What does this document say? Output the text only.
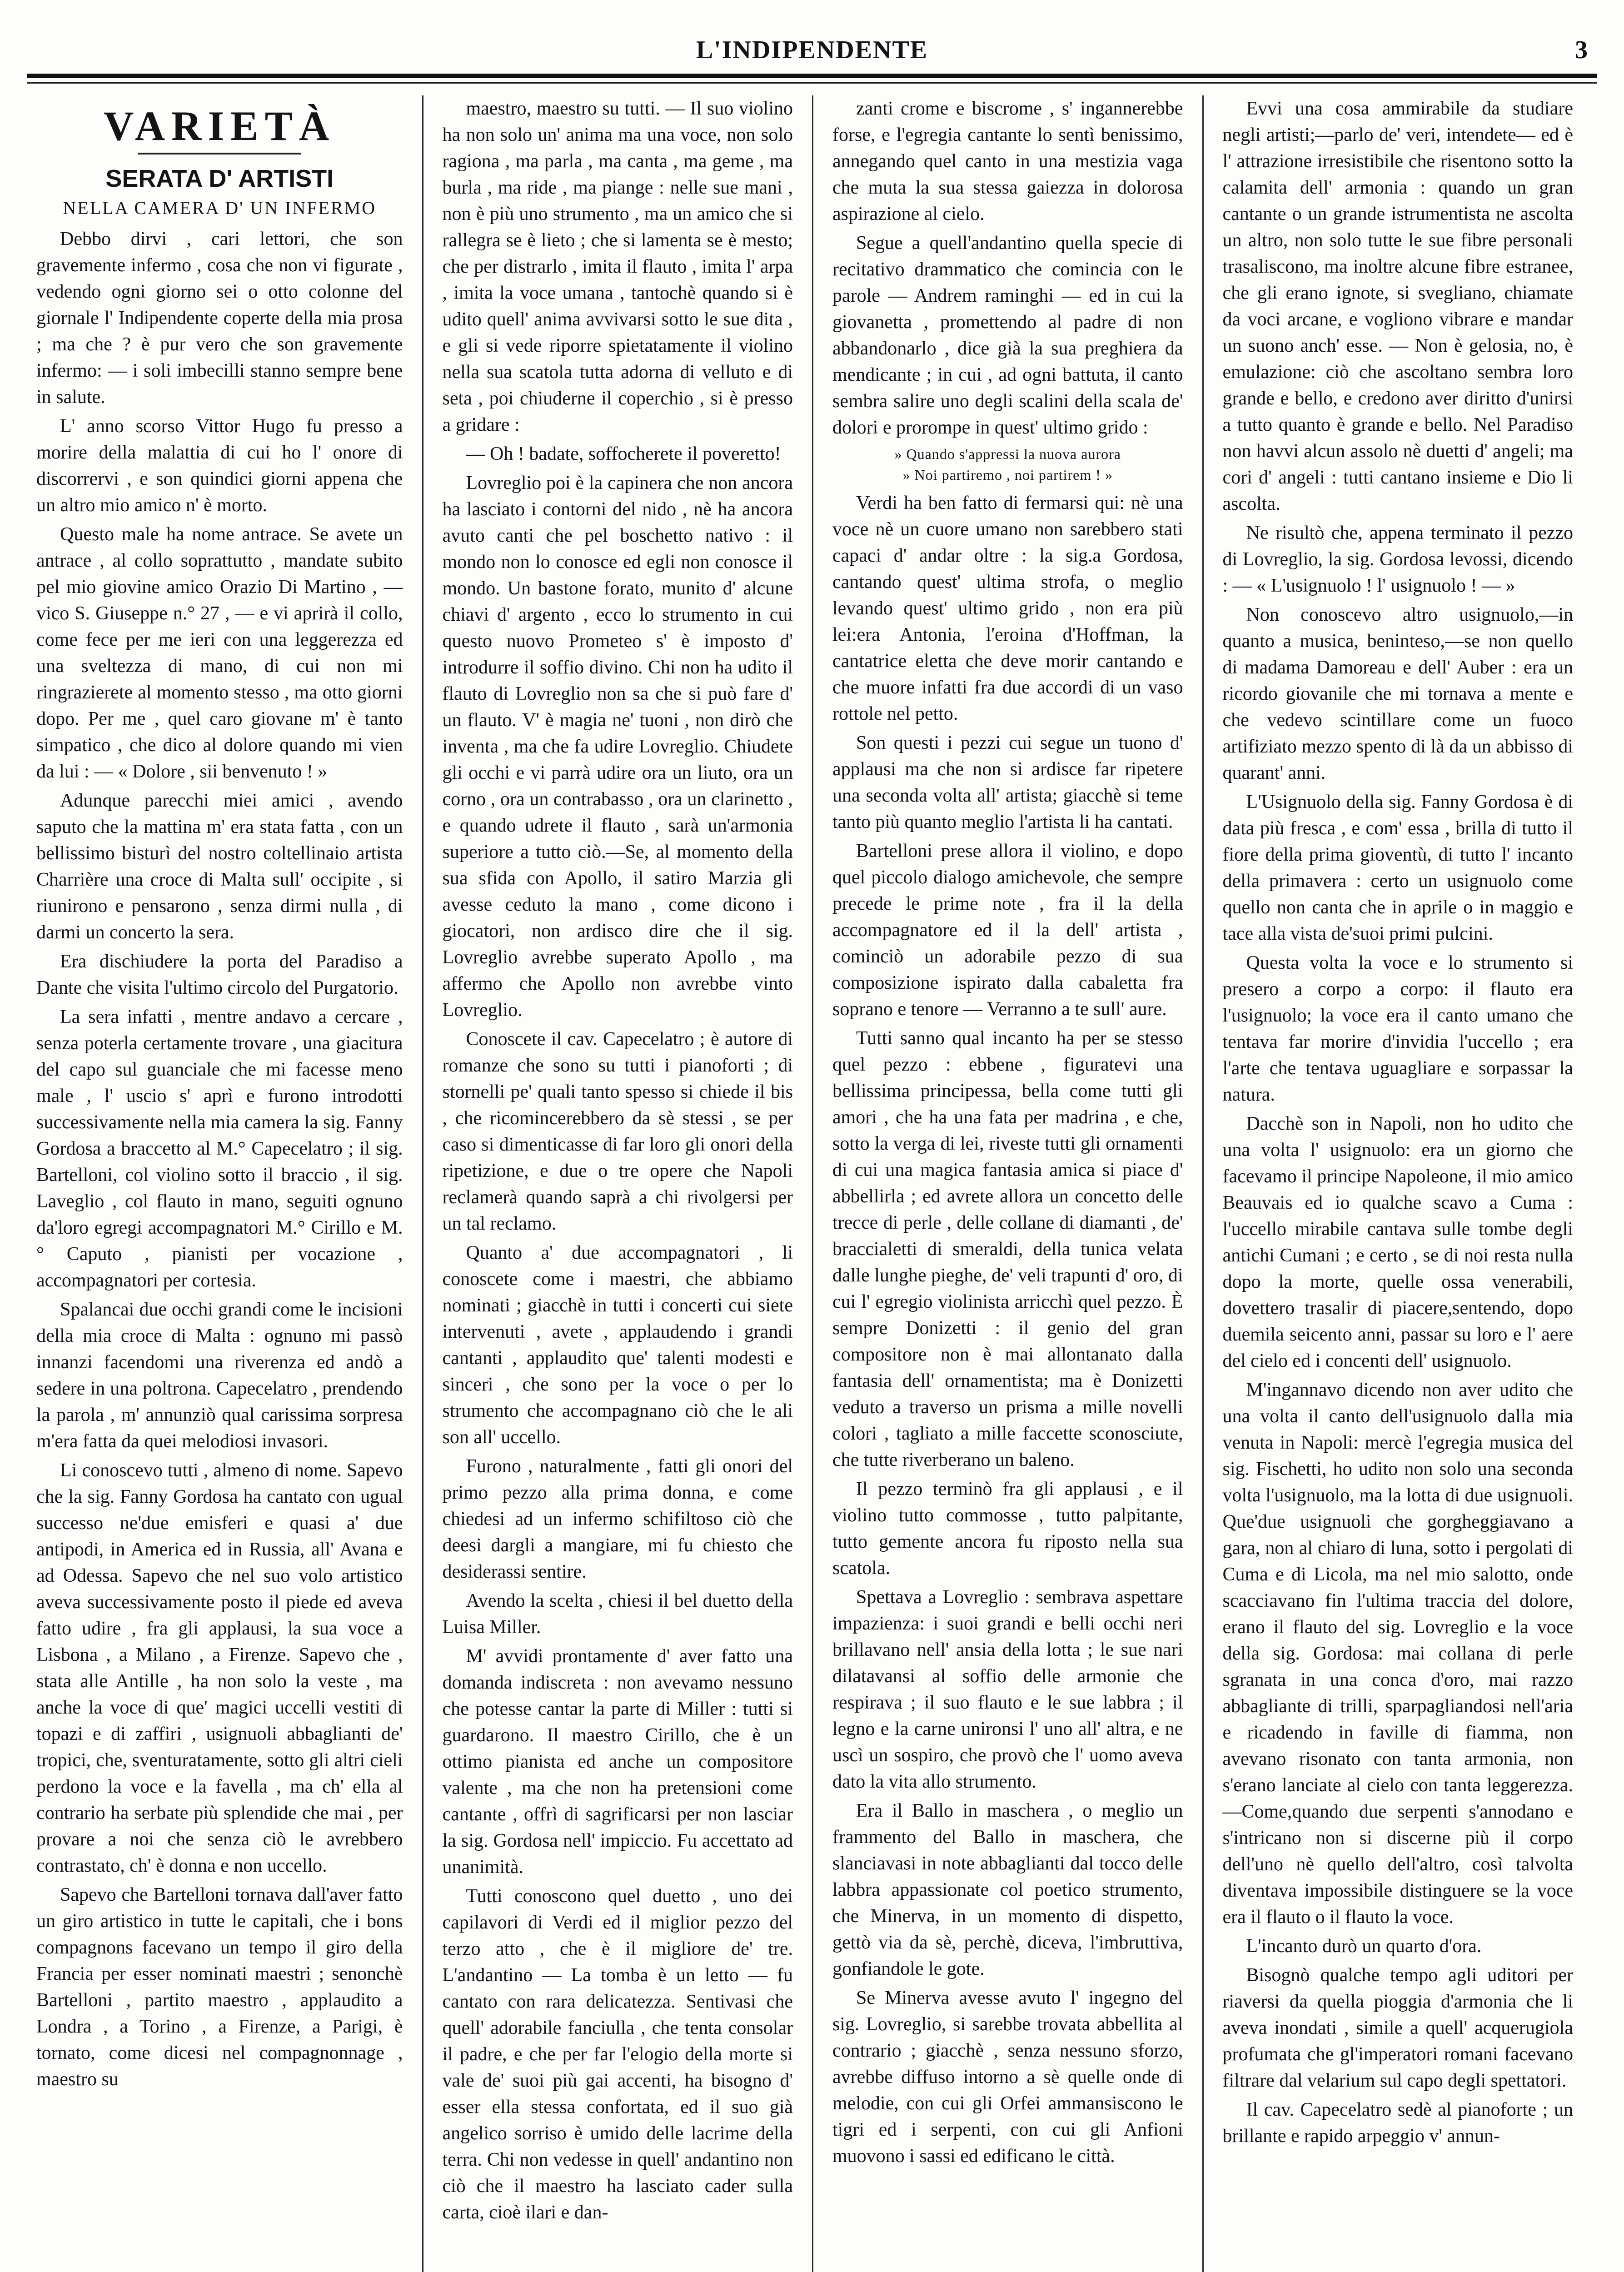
L'INDIPENDENTE	3
VARIETÀ
SERATA D' ARTISTI
NELLA CAMERA D' UN INFERMO

Debbo dirvi , cari lettori, che son gravemente infermo , cosa che non vi figurate , vedendo ogni giorno sei o otto colonne del giornale l' Indipendente coperte della mia prosa ; ma che ? è pur vero che son gravemente infermo: — i soli imbecilli stanno sempre bene in salute.

L' anno scorso Vittor Hugo fu presso a morire della malattia di cui ho l' onore di discorrervi , e son quindici giorni appena che un altro mio amico n' è morto.

Questo male ha nome antrace. Se avete un antrace , al collo soprattutto , mandate subito pel mio giovine amico Orazio Di Martino , — vico S. Giuseppe n.° 27 , — e vi aprirà il collo, come fece per me ieri con una leggerezza ed una sveltezza di mano, di cui non mi ringrazierete al momento stesso , ma otto giorni dopo. Per me , quel caro giovane m' è tanto simpatico , che dico al dolore quando mi vien da lui : — « Dolore , sii benvenuto ! »

Adunque parecchi miei amici , avendo saputo che la mattina m' era stata fatta , con un bellissimo bisturì del nostro coltellinaio artista Charrière una croce di Malta sull' occipite , si riunirono e pensarono , senza dirmi nulla , di darmi un concerto la sera.

Era dischiudere la porta del Paradiso a Dante che visita l'ultimo circolo del Purgatorio.

La sera infatti , mentre andavo a cercare , senza poterla certamente trovare , una giacitura del capo sul guanciale che mi facesse meno male , l' uscio s' aprì e furono introdotti successivamente nella mia camera la sig. Fanny Gordosa a braccetto al M.° Capecelatro ; il sig. Bartelloni, col violino sotto il braccio , il sig. Laveglio , col flauto in mano, seguiti ognuno da'loro egregi accompagnatori M.° Cirillo e M.° Caputo , pianisti per vocazione , accompagnatori per cortesia.

Spalancai due occhi grandi come le incisioni della mia croce di Malta : ognuno mi passò innanzi facendomi una riverenza ed andò a sedere in una poltrona. Capecelatro , prendendo la parola , m' annunziò qual carissima sorpresa m'era fatta da quei melodiosi invasori.

Li conoscevo tutti , almeno di nome. Sapevo che la sig. Fanny Gordosa ha cantato con ugual successo ne'due emisferi e quasi a' due antipodi, in America ed in Russia, all' Avana e ad Odessa. Sapevo che nel suo volo artistico aveva successivamente posto il piede ed aveva fatto udire , fra gli applausi, la sua voce a Lisbona , a Milano , a Firenze. Sapevo che , stata alle Antille , ha non solo la veste , ma anche la voce di que' magici uccelli vestiti di topazi e di zaffiri , usignuoli abbaglianti de' tropici, che, sventuratamente, sotto gli altri cieli perdono la voce e la favella , ma ch' ella al contrario ha serbate più splendide che mai , per provare a noi che senza ciò le avrebbero contrastato, ch' è donna e non uccello.

Sapevo che Bartelloni tornava dall'aver fatto un giro artistico in tutte le capitali, che i bons compagnons facevano un tempo il giro della Francia per esser nominati maestri ; senonchè Bartelloni , partito maestro , applaudito a Londra , a Torino , a Firenze, a Parigi, è tornato, come dicesi nel compagnonnage , maestro su

maestro, maestro su tutti. — Il suo violino ha non solo un' anima ma una voce, non solo ragiona , ma parla , ma canta , ma geme , ma burla , ma ride , ma piange : nelle sue mani , non è più uno strumento , ma un amico che si rallegra se è lieto ; che si lamenta se è mesto; che per distrarlo , imita il flauto , imita l' arpa , imita la voce umana , tantochè quando si è udito quell' anima avvivarsi sotto le sue dita , e gli si vede riporre spietatamente il violino nella sua scatola tutta adorna di velluto e di seta , poi chiuderne il coperchio , si è presso a gridare :

— Oh ! badate, soffocherete il poveretto!

Lovreglio poi è la capinera che non ancora ha lasciato i contorni del nido , nè ha ancora avuto canti che pel boschetto nativo : il mondo non lo conosce ed egli non conosce il mondo. Un bastone forato, munito d' alcune chiavi d' argento , ecco lo strumento in cui questo nuovo Prometeo s' è imposto d' introdurre il soffio divino. Chi non ha udito il flauto di Lovreglio non sa che si può fare d' un flauto. V' è magia ne' tuoni , non dirò che inventa , ma che fa udire Lovreglio. Chiudete gli occhi e vi parrà udire ora un liuto, ora un corno , ora un contrabasso , ora un clarinetto , e quando udrete il flauto , sarà un'armonia superiore a tutto ciò.—Se, al momento della sua sfida con Apollo, il satiro Marzia gli avesse ceduto la mano , come dicono i giocatori, non ardisco dire che il sig. Lovreglio avrebbe superato Apollo , ma affermo che Apollo non avrebbe vinto Lovreglio.

Conoscete il cav. Capecelatro ; è autore di romanze che sono su tutti i pianoforti ; di stornelli pe' quali tanto spesso si chiede il bis , che ricomincerebbero da sè stessi , se per caso si dimenticasse di far loro gli onori della ripetizione, e due o tre opere che Napoli reclamerà quando saprà a chi rivolgersi per un tal reclamo.

Quanto a' due accompagnatori , li conoscete come i maestri, che abbiamo nominati ; giacchè in tutti i concerti cui siete intervenuti , avete , applaudendo i grandi cantanti , applaudito que' talenti modesti e sinceri , che sono per la voce o per lo strumento che accompagnano ciò che le ali son all' uccello.

Furono , naturalmente , fatti gli onori del primo pezzo alla prima donna, e come chiedesi ad un infermo schifiltoso ciò che deesi dargli a mangiare, mi fu chiesto che desiderassi sentire.

Avendo la scelta , chiesi il bel duetto della Luisa Miller.

M' avvidi prontamente d' aver fatto una domanda indiscreta : non avevamo nessuno che potesse cantar la parte di Miller : tutti si guardarono. Il maestro Cirillo, che è un ottimo pianista ed anche un compositore valente , ma che non ha pretensioni come cantante , offrì di sagrificarsi per non lasciar la sig. Gordosa nell' impiccio. Fu accettato ad unanimità.

Tutti conoscono quel duetto , uno dei capilavori di Verdi ed il miglior pezzo del terzo atto , che è il migliore de' tre. L'andantino — La tomba è un letto — fu cantato con rara delicatezza. Sentivasi che quell' adorabile fanciulla , che tenta consolar il padre, e che per far l'elogio della morte si vale de' suoi più gai accenti, ha bisogno d' esser ella stessa confortata, ed il suo già angelico sorriso è umido delle lacrime della terra. Chi non vedesse in quell' andantino non ciò che il maestro ha lasciato cader sulla carta, cioè ilari e dan-

zanti crome e biscrome , s' ingannerebbe forse, e l'egregia cantante lo sentì benissimo, annegando quel canto in una mestizia vaga che muta la sua stessa gaiezza in dolorosa aspirazione al cielo.

Segue a quell'andantino quella specie di recitativo drammatico che comincia con le parole — Andrem raminghi — ed in cui la giovanetta , promettendo al padre di non abbandonarlo , dice già la sua preghiera da mendicante ; in cui , ad ogni battuta, il canto sembra salire uno degli scalini della scala de' dolori e prorompe in quest' ultimo grido :

» Quando s'appressi la nuova aurora
» Noi partiremo , noi partirem ! »

Verdi ha ben fatto di fermarsi qui: nè una voce nè un cuore umano non sarebbero stati capaci d' andar oltre : la sig.a Gordosa, cantando quest' ultima strofa, o meglio levando quest' ultimo grido , non era più lei:era Antonia, l'eroina d'Hoffman, la cantatrice eletta che deve morir cantando e che muore infatti fra due accordi di un vaso rottole nel petto.

Son questi i pezzi cui segue un tuono d' applausi ma che non si ardisce far ripetere una seconda volta all' artista; giacchè si teme tanto più quanto meglio l'artista li ha cantati.

Bartelloni prese allora il violino, e dopo quel piccolo dialogo amichevole, che sempre precede le prime note , fra il la della accompagnatore ed il la dell' artista , cominciò un adorabile pezzo di sua composizione ispirato dalla cabaletta fra soprano e tenore — Verranno a te sull' aure.

Tutti sanno qual incanto ha per se stesso quel pezzo : ebbene , figuratevi una bellissima principessa, bella come tutti gli amori , che ha una fata per madrina , e che, sotto la verga di lei, riveste tutti gli ornamenti di cui una magica fantasia amica si piace d' abbellirla ; ed avrete allora un concetto delle trecce di perle , delle collane di diamanti , de' braccialetti di smeraldi, della tunica velata dalle lunghe pieghe, de' veli trapunti d' oro, di cui l' egregio violinista arricchì quel pezzo. È sempre Donizetti : il genio del gran compositore non è mai allontanato dalla fantasia dell' ornamentista; ma è Donizetti veduto a traverso un prisma a mille novelli colori , tagliato a mille faccette sconosciute, che tutte riverberano un baleno.

Il pezzo terminò fra gli applausi , e il violino tutto commosse , tutto palpitante, tutto gemente ancora fu riposto nella sua scatola.

Spettava a Lovreglio : sembrava aspettare impazienza: i suoi grandi e belli occhi neri brillavano nell' ansia della lotta ; le sue nari dilatavansi al soffio delle armonie che respirava ; il suo flauto e le sue labbra ; il legno e la carne unironsi l' uno all' altra, e ne uscì un sospiro, che provò che l' uomo aveva dato la vita allo strumento.

Era il Ballo in maschera , o meglio un frammento del Ballo in maschera, che slanciavasi in note abbaglianti dal tocco delle labbra appassionate col poetico strumento, che Minerva, in un momento di dispetto, gettò via da sè, perchè, diceva, l'imbruttiva, gonfiandole le gote.

Se Minerva avesse avuto l' ingegno del sig. Lovreglio, si sarebbe trovata abbellita al contrario ; giacchè , senza nessuno sforzo, avrebbe diffuso intorno a sè quelle onde di melodie, con cui gli Orfei ammansiscono le tigri ed i serpenti, con cui gli Anfioni muovono i sassi ed edificano le città.

Evvi una cosa ammirabile da studiare negli artisti;—parlo de' veri, intendete— ed è l' attrazione irresistibile che risentono sotto la calamita dell' armonia : quando un gran cantante o un grande istrumentista ne ascolta un altro, non solo tutte le sue fibre personali trasaliscono, ma inoltre alcune fibre estranee, che gli erano ignote, si svegliano, chiamate da voci arcane, e vogliono vibrare e mandar un suono anch' esse. — Non è gelosia, no, è emulazione: ciò che ascoltano sembra loro grande e bello, e credono aver diritto d'unirsi a tutto quanto è grande e bello. Nel Paradiso non havvi alcun assolo nè duetti d' angeli; ma cori d' angeli : tutti cantano insieme e Dio li ascolta.

Ne risultò che, appena terminato il pezzo di Lovreglio, la sig. Gordosa levossi, dicendo : — « L'usignuolo ! l' usignuolo ! — »

Non conoscevo altro usignuolo,—in quanto a musica, beninteso,—se non quello di madama Damoreau e dell' Auber : era un ricordo giovanile che mi tornava a mente e che vedevo scintillare come un fuoco artifiziato mezzo spento di là da un abbisso di quarant' anni.

L'Usignuolo della sig. Fanny Gordosa è di data più fresca , e com' essa , brilla di tutto il fiore della prima gioventù, di tutto l' incanto della primavera : certo un usignuolo come quello non canta che in aprile o in maggio e tace alla vista de'suoi primi pulcini.

Questa volta la voce e lo strumento si presero a corpo a corpo: il flauto era l'usignuolo; la voce era il canto umano che tentava far morire d'invidia l'uccello ; era l'arte che tentava uguagliare e sorpassar la natura.

Dacchè son in Napoli, non ho udito che una volta l' usignuolo: era un giorno che facevamo il principe Napoleone, il mio amico Beauvais ed io qualche scavo a Cuma : l'uccello mirabile cantava sulle tombe degli antichi Cumani ; e certo , se di noi resta nulla dopo la morte, quelle ossa venerabili, dovettero trasalir di piacere,sentendo, dopo duemila seicento anni, passar su loro e l' aere del cielo ed i concenti dell' usignuolo.

M'ingannavo dicendo non aver udito che una volta il canto dell'usignuolo dalla mia venuta in Napoli: mercè l'egregia musica del sig. Fischetti, ho udito non solo una seconda volta l'usignuolo, ma la lotta di due usignuoli. Que'due usignuoli che gorgheggiavano a gara, non al chiaro di luna, sotto i pergolati di Cuma e di Licola, ma nel mio salotto, onde scacciavano fin l'ultima traccia del dolore, erano il flauto del sig. Lovreglio e la voce della sig. Gordosa: mai collana di perle sgranata in una conca d'oro, mai razzo abbagliante di trilli, sparpagliandosi nell'aria e ricadendo in faville di fiamma, non avevano risonato con tanta armonia, non s'erano lanciate al cielo con tanta leggerezza.—Come,quando due serpenti s'annodano e s'intricano non si discerne più il corpo dell'uno nè quello dell'altro, così talvolta diventava impossibile distinguere se la voce era il flauto o il flauto la voce.

L'incanto durò un quarto d'ora.

Bisognò qualche tempo agli uditori per riaversi da quella pioggia d'armonia che li aveva inondati , simile a quell' acquerugiola profumata che gl'imperatori romani facevano filtrare dal velarium sul capo degli spettatori.

Il cav. Capecelatro sedè al pianoforte ; un brillante e rapido arpeggio v' annun-
